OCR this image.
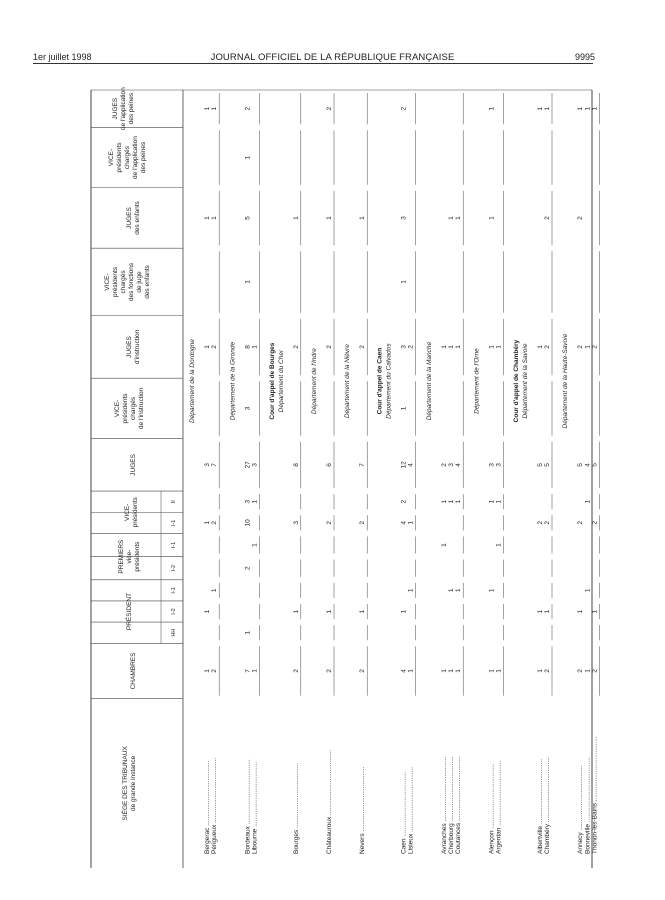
1er juillet 1998	JOURNAL OFFICIEL DE LA RÉPUBLIQUE FRANÇAISE	9995
SIÈGE DES TRIBUNAUX de grande instance
CHAMBRES
PRÉSIDENT
PREMIERS vice- présidents
VICE- présidents
JUGES
VICE- présidents chargés de l'instruction
JUGES d'instruction
VICE- présidents chargés des fonctions de juge des enfants
JUGES des enfants
VICE- présidents chargés de l'application des peines
JUGES de l'application des peines
HH
I-2
I-1
I-2
I-1
I-1
II
Département de la Dordogne
Bergerac ....................................
1
1
1
3
1
1
1
Périgueux ....................................
2
1
2
7
2
1
1
Département de la Gironde
Bordeaux ....................................
7
1
2
10
3
27
3
8
1
5
1
2
Libourne ....................................
1
1
1
3
1 Cour d'appel de Bourges Département du Cher
Bourges ....................................
2
1
3
8
2
1
Département de l'Indre
Châteauroux ....................................
2
1
2
6
2
1
2
Département de la Nièvre
Nevers ....................................
2
1
2
7
2
1
Cour d'appel de Caen Département du Calvados
Caen ....................................
4
1
4
2
12
1
3
1
3
2
Lisieux ....................................
1
1
1
4
2 Département de la Manche
Avranches ....................................
1
1
1
2
1
Cherbourg ....................................
1
1
1
3
1
1
Coutances ....................................
1
1
1
4
1
1
Département de l'Orne
Alençon ....................................
1
1
1
3
1
1
1
Argentan ....................................
1
1
1
3
1 Cour d'appel de Chambéry Département de la Savoie
Albertville ....................................
1
1
2
5
1
1
Chambéry ....................................
2
1
2
5
2
2
1
Département de la Haute-Savoie
Annecy ....................................
2
1
2
5
2
2
1
Bonneville ....................................
1
1
1
4
1
1
Thonon-les-Bains ....................................
2
1
2
5
2
1
